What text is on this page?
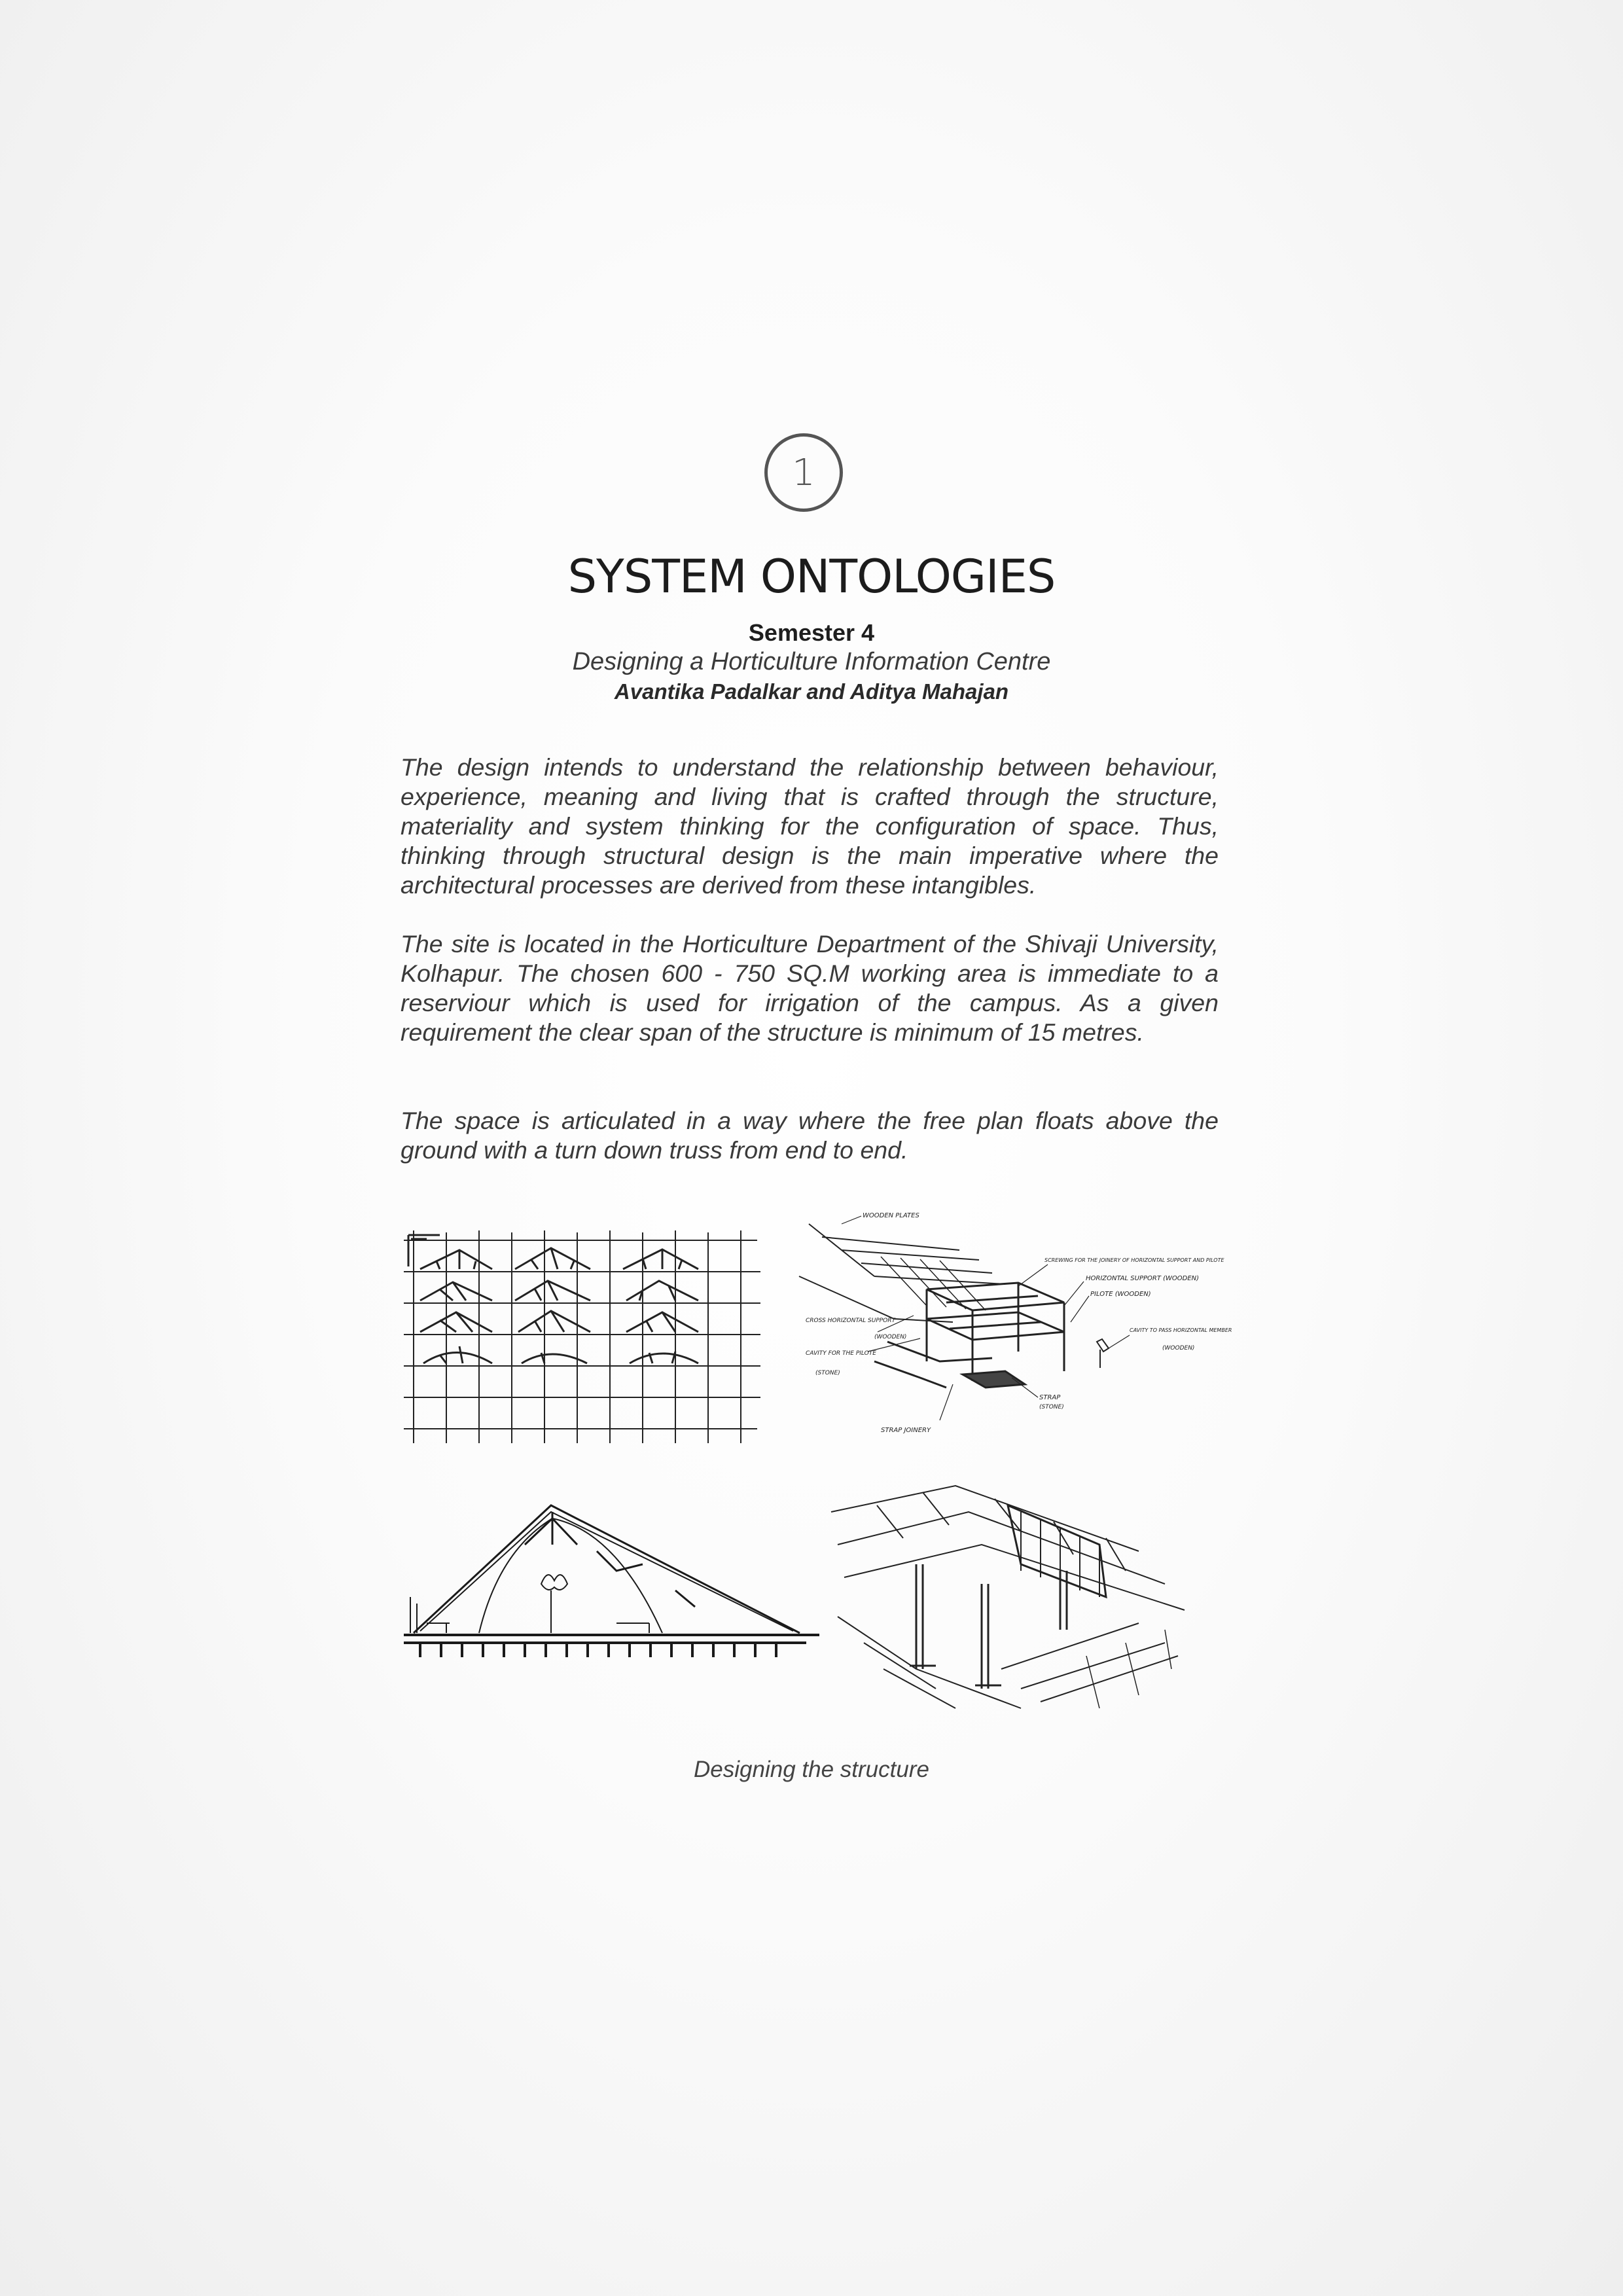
1
SYSTEM ONTOLOGIES
Semester 4
Designing a Horticulture Information Centre
Avantika Padalkar and Aditya Mahajan

The design intends to understand the relationship between behaviour, experience, meaning and living that is crafted through the structure, materiality and system thinking for the configuration of space. Thus, thinking through structural design is the main imperative where the architectural processes are derived from these intangibles.

The site is located in the Horticulture Department of the Shivaji University, Kolhapur. The chosen 600 - 750 SQ.M working area is immediate to a reserviour which is used for irrigation of the campus. As a given requirement the clear span of the structure is minimum of 15 metres.

The space is articulated in a way where the free plan floats above the ground with a turn down truss from end to end.

WOODEN PLATES
SCREWING FOR THE JOINERY OF HORIZONTAL SUPPORT AND PILOTE
HORIZONTAL SUPPORT (WOODEN)
PILOTE (WOODEN)
CROSS HORIZONTAL SUPPORT
(WOODEN)
CAVITY FOR THE PILOTE
(STONE)
CAVITY TO PASS HORIZONTAL MEMBER
(WOODEN)
STRAP
(STONE)
STRAP JOINERY
Designing the structure
